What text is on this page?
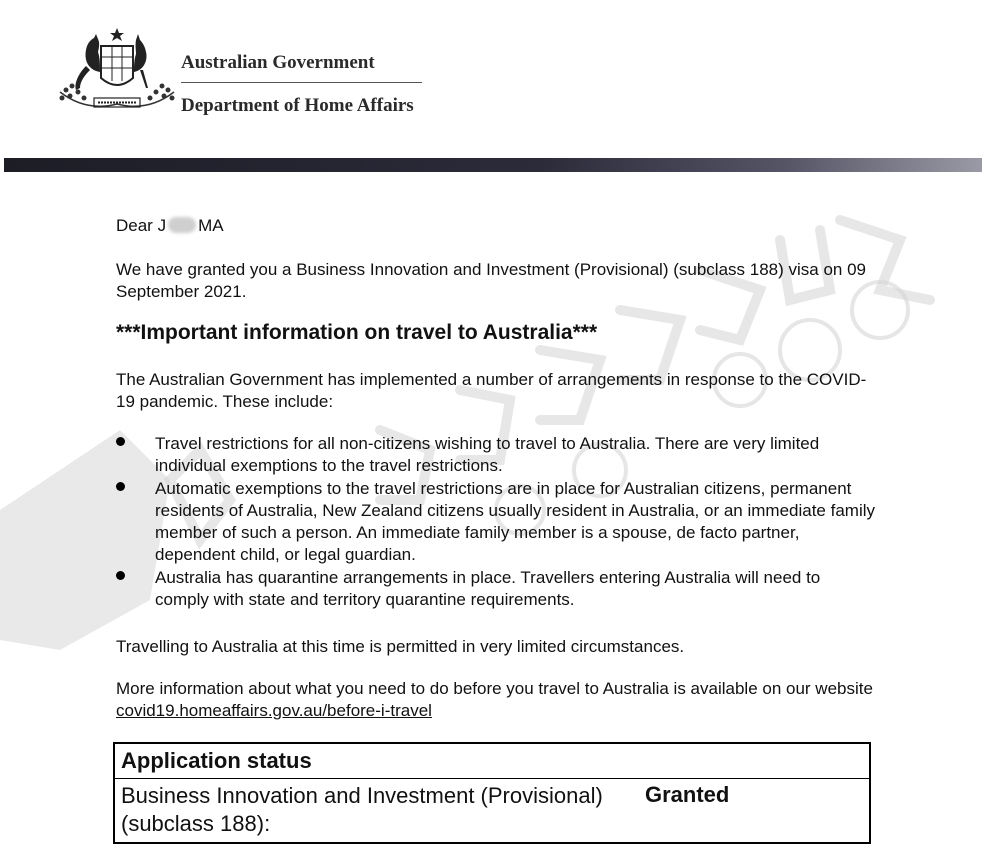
Australian Government
Department of Home Affairs
Dear J MA
We have granted you a Business Innovation and Investment (Provisional) (subclass 188) visa on 09 September 2021.
***Important information on travel to Australia***
The Australian Government has implemented a number of arrangements in response to the COVID-19 pandemic. These include:
Travel restrictions for all non-citizens wishing to travel to Australia. There are very limited individual exemptions to the travel restrictions.
Automatic exemptions to the travel restrictions are in place for Australian citizens, permanent residents of Australia, New Zealand citizens usually resident in Australia, or an immediate family member of such a person. An immediate family member is a spouse, de facto partner, dependent child, or legal guardian.
Australia has quarantine arrangements in place. Travellers entering Australia will need to comply with state and territory quarantine requirements.
Travelling to Australia at this time is permitted in very limited circumstances.
More information about what you need to do before you travel to Australia is available on our website covid19.homeaffairs.gov.au/before-i-travel
Application status
Business Innovation and Investment (Provisional) (subclass 188):
Granted
